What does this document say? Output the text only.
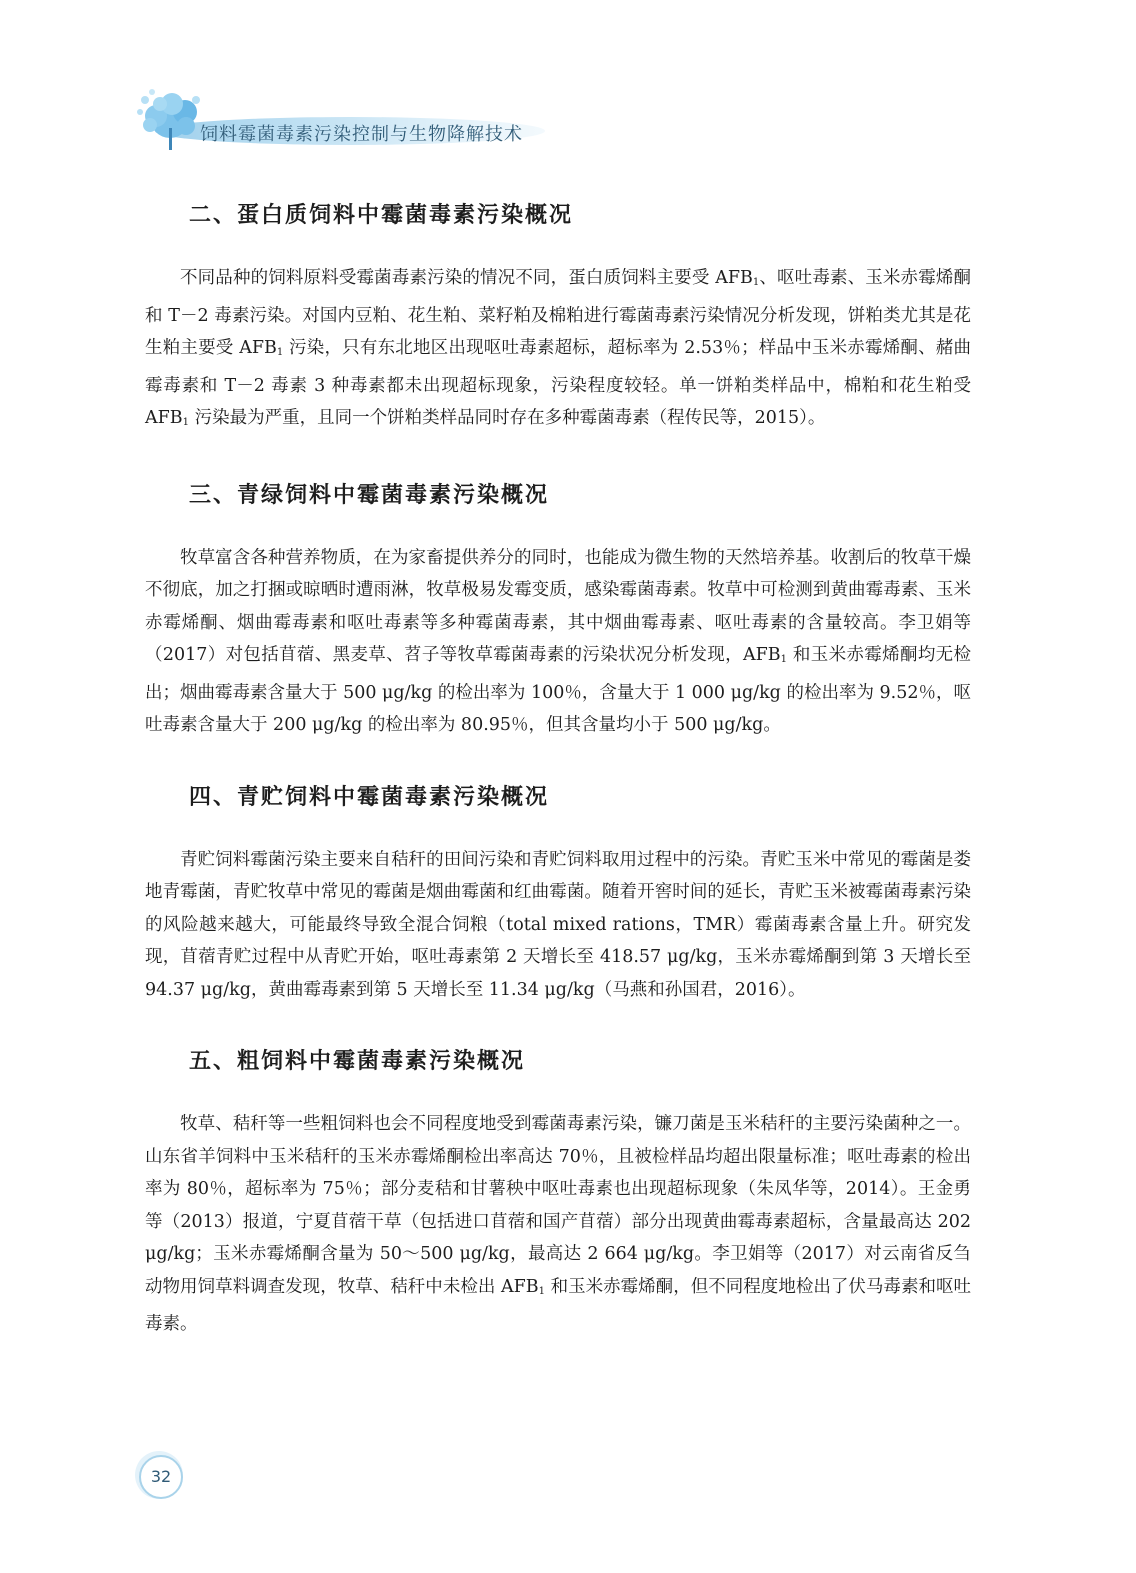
饲料霉菌毒素污染控制与生物降解技术
二、蛋白质饲料中霉菌毒素污染概况

不同品种的饲料原料受霉菌毒素污染的情况不同，蛋白质饲料主要受 $AFB_1$、呕吐毒素、玉米赤霉烯酮和 T－2 毒素污染。对国内豆粕、花生粕、菜籽粕及棉粕进行霉菌毒素污染情况分析发现，饼粕类尤其是花生粕主要受 $AFB_1$ 污染，只有东北地区出现呕吐毒素超标，超标率为 2.53％；样品中玉米赤霉烯酮、赭曲霉毒素和 T－2 毒素 3 种毒素都未出现超标现象，污染程度较轻。单一饼粕类样品中，棉粕和花生粕受 $AFB_1$ 污染最为严重，且同一个饼粕类样品同时存在多种霉菌毒素（程传民等，2015）。

三、青绿饲料中霉菌毒素污染概况

牧草富含各种营养物质，在为家畜提供养分的同时，也能成为微生物的天然培养基。收割后的牧草干燥不彻底，加之打捆或晾晒时遭雨淋，牧草极易发霉变质，感染霉菌毒素。牧草中可检测到黄曲霉毒素、玉米赤霉烯酮、烟曲霉毒素和呕吐毒素等多种霉菌毒素，其中烟曲霉毒素、呕吐毒素的含量较高。李卫娟等（2017）对包括苜蓿、黑麦草、苕子等牧草霉菌毒素的污染状况分析发现，$AFB_1$ 和玉米赤霉烯酮均无检出；烟曲霉毒素含量大于 500 μg/kg 的检出率为 100％，含量大于 1 000 μg/kg 的检出率为 9.52％，呕吐毒素含量大于 200 μg/kg 的检出率为 80.95％，但其含量均小于 500 μg/kg。

四、青贮饲料中霉菌毒素污染概况

青贮饲料霉菌污染主要来自秸秆的田间污染和青贮饲料取用过程中的污染。青贮玉米中常见的霉菌是娄地青霉菌，青贮牧草中常见的霉菌是烟曲霉菌和红曲霉菌。随着开窖时间的延长，青贮玉米被霉菌毒素污染的风险越来越大，可能最终导致全混合饲粮（total mixed rations，TMR）霉菌毒素含量上升。研究发现，苜蓿青贮过程中从青贮开始，呕吐毒素第 2 天增长至 418.57 μg/kg，玉米赤霉烯酮到第 3 天增长至 94.37 μg/kg，黄曲霉毒素到第 5 天增长至 11.34 μg/kg（马燕和孙国君，2016）。

五、粗饲料中霉菌毒素污染概况

牧草、秸秆等一些粗饲料也会不同程度地受到霉菌毒素污染，镰刀菌是玉米秸秆的主要污染菌种之一。山东省羊饲料中玉米秸秆的玉米赤霉烯酮检出率高达 70％，且被检样品均超出限量标准；呕吐毒素的检出率为 80％，超标率为 75％；部分麦秸和甘薯秧中呕吐毒素也出现超标现象（朱凤华等，2014）。王金勇等（2013）报道，宁夏苜蓿干草（包括进口苜蓿和国产苜蓿）部分出现黄曲霉毒素超标，含量最高达 202 μg/kg；玉米赤霉烯酮含量为 50～500 μg/kg，最高达 2 664 μg/kg。李卫娟等（2017）对云南省反刍动物用饲草料调查发现，牧草、秸秆中未检出 $AFB_1$ 和玉米赤霉烯酮，但不同程度地检出了伏马毒素和呕吐毒素。

32
